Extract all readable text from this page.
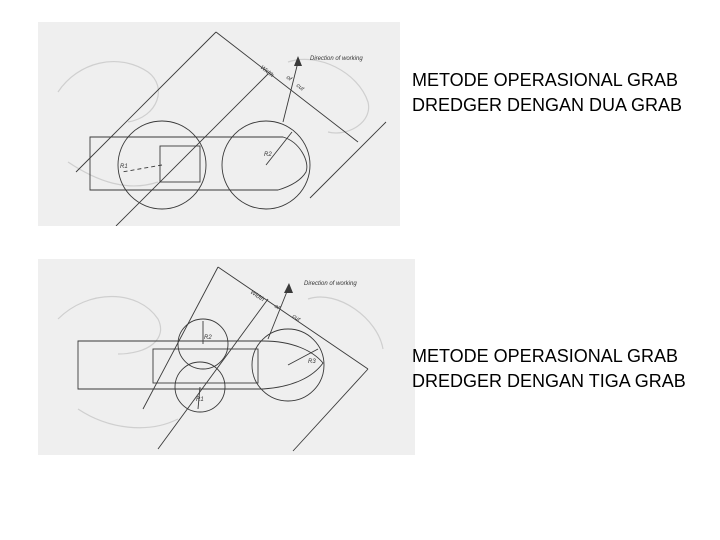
Direction of working
Width
cut
of
R1
R2
METODE OPERASIONAL GRAB
DREDGER DENGAN DUA GRAB
Direction of working
Width
of
cut
R2
R3
R1
METODE OPERASIONAL GRAB
DREDGER DENGAN TIGA GRAB
